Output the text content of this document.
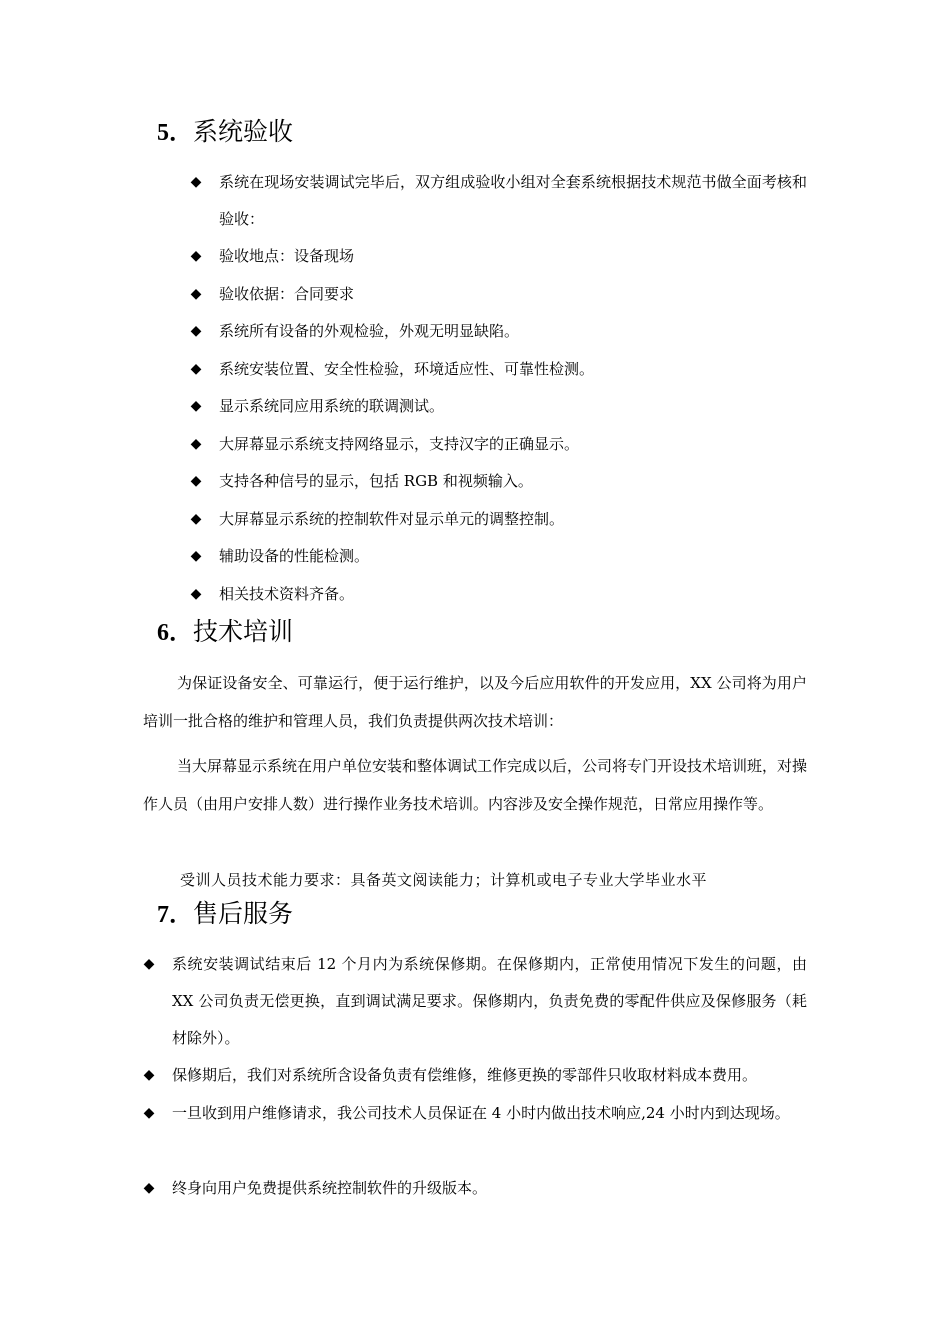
5．系统验收
◆ 系统在现场安装调试完毕后，双方组成验收小组对全套系统根据技术规范书做全面考核和验收：
◆ 验收地点：设备现场
◆ 验收依据：合同要求
◆ 系统所有设备的外观检验，外观无明显缺陷。
◆ 系统安装位置、安全性检验，环境适应性、可靠性检测。
◆ 显示系统同应用系统的联调测试。
◆ 大屏幕显示系统支持网络显示，支持汉字的正确显示。
◆ 支持各种信号的显示，包括 RGB 和视频输入。
◆ 大屏幕显示系统的控制软件对显示单元的调整控制。
◆ 辅助设备的性能检测。
◆ 相关技术资料齐备。
6．技术培训
为保证设备安全、可靠运行，便于运行维护，以及今后应用软件的开发应用，XX 公司将为用户培训一批合格的维护和管理人员，我们负责提供两次技术培训：
当大屏幕显示系统在用户单位安装和整体调试工作完成以后，公司将专门开设技术培训班，对操作人员（由用户安排人数）进行操作业务技术培训。内容涉及安全操作规范，日常应用操作等。
受训人员技术能力要求：具备英文阅读能力；计算机或电子专业大学毕业水平
7．售后服务
◆ 系统安装调试结束后 12 个月内为系统保修期。在保修期内，正常使用情况下发生的问题，由 XX 公司负责无偿更换，直到调试满足要求。保修期内，负责免费的零配件供应及保修服务（耗材除外）。
◆ 保修期后，我们对系统所含设备负责有偿维修，维修更换的零部件只收取材料成本费用。
◆ 一旦收到用户维修请求，我公司技术人员保证在 4 小时内做出技术响应,24 小时内到达现场。
◆ 终身向用户免费提供系统控制软件的升级版本。
